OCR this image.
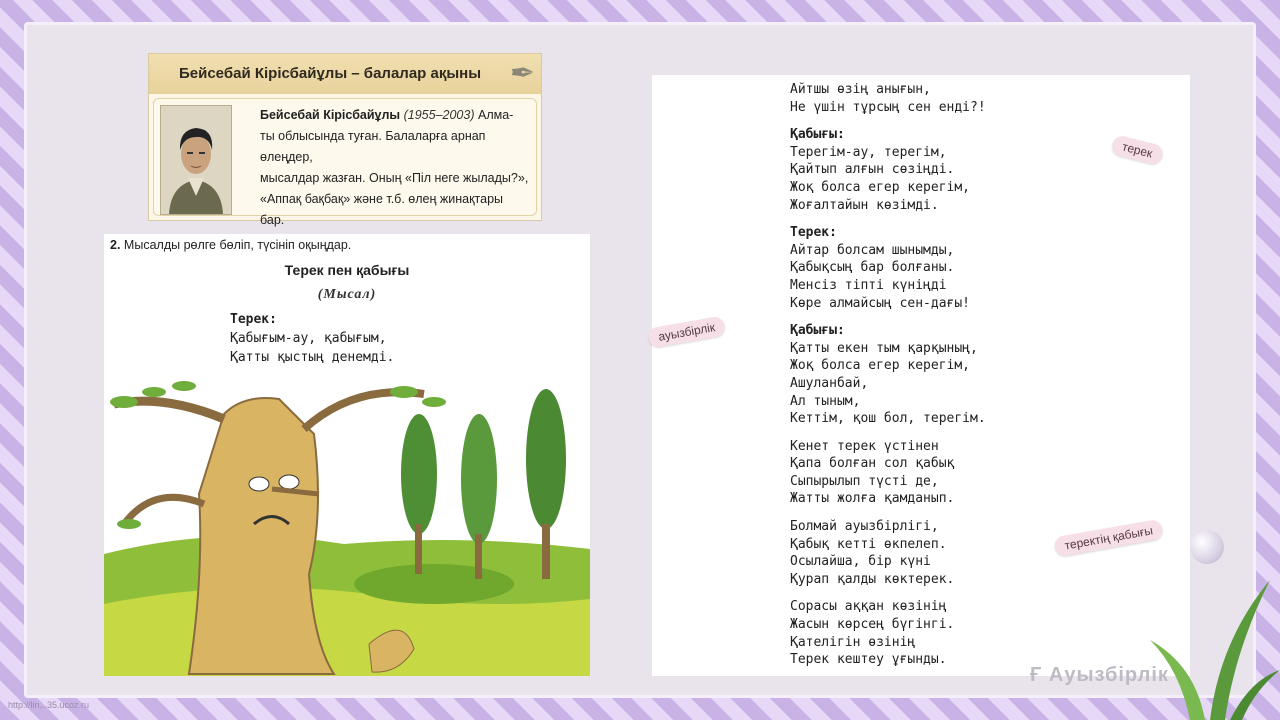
Бейсебай Кірісбайұлы – балалар ақыны ✒
Бейсебай Кірісбайұлы (1955–2003) Алма-
ты облысында туған. Балаларға арнап өлеңдер,
мысалдар жазған. Оның «Піл неге жылады?»,
«Аппақ бақбақ» және т.б. өлең жинақтары
бар.
2. Мысалды рөлге бөліп, түсініп оқыңдар.
Терек пен қабығы
(Мысал)
Терек:
Қабығым-ау, қабығым,
Қатты қыстың денемді.
Айтшы өзің анығын,
Не үшін тұрсың сен енді?!
Қабығы:
Терегім-ау, терегім,
Қайтып алғын сөзіңді.
Жоқ болса егер керегім,
Жоғалтайын көзімді.
Терек:
Айтар болсам шынымды,
Қабықсың бар болғаны.
Менсіз тіпті күніңді
Көре алмайсың сен-дағы!
Қабығы:
Қатты екен тым қарқының,
Жоқ болса егер керегім,
Ашуланбай,
Ал тыным,
Кеттім, қош бол, терегім.
Кенет терек үстінен
Қапа болған сол қабық
Сыпырылып түсті де,
Жатты жолға қамданып.
Болмай ауызбірлігі,
Қабық кетті өкпелеп.
Осылайша, бір күні
Қурап қалды көктерек.
Сорасы аққан көзінің
Жасын көрсең бүгінгі.
Қателігін өзінің
Терек кештеу ұғынды.
терек
ауызбірлік
теректің қабығы
Ғ Ауызбірлік
http://lin...35.ucoz.ru
